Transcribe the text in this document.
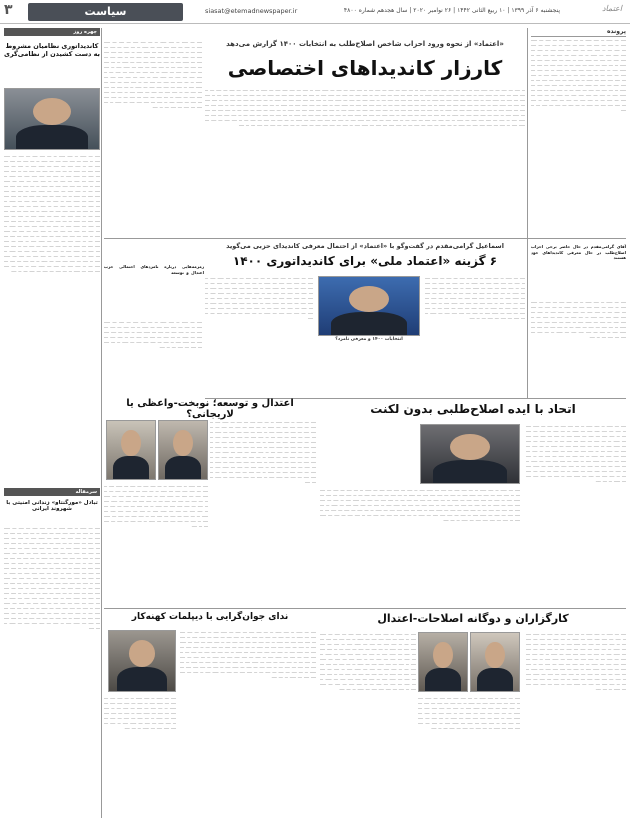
۳	سیاست	siasat@etemadnewspaper.ir	پنجشنبه ۶ آذر ۱۳۹۹ | ۱۰ ربیع الثانی ۱۴۴۲ | ۲۶ نوامبر ۲۰۲۰ | سال هجدهم شماره ۴۸۰۰	اعتماد
پرونده
ـــــ ــــ ــــــ ـــ ـــــ ــــــ ـــ ــــ ـــــ ـــــ ــــ ـــــ ــــ ــــــ ـــــ ـــ ـــــ ــــ ـــــ ـــــ ـــــ ــــ ــــــ ـــ ــــ ـــــ ــــ ـــــ ــــ ـــــ ــــ ـــ ـــــ ـــــ ــــ ـــــ ــــ ــــــ ـــــ ـــ ـــــ ــــ ـــــ ـــــ ـــــ ــــ ــــــ ـــ ــــ ـــــ ــــ ـــــ ــــ ـــــ ــــ ـــ ـــــ ـــــ ــــ ـــــ ــــ ــــــ ـــــ ـــ ـــــ ــــ ـــــ ـــــ ـــــ ــــ ــــــ ـــ ــــ ـــــ ــــ ـــــ ــــ ـــــ ــــ ـــ ـــــ ـــــ ــــ ـــــ ــــ ــــــ ـــــ ـــ ـــــ ــــ ـــــ ـــــ ـــــ ــــ ــــــ ـــ ــــ ـــــ ــــ ـــــ ــــ ـــــ ــــ ـــ ـــــ ـــــ ــــ ـــــ ــــ ــــــ ـــــ ـــ ـــــ ــــ ـــــ ـــــ ـــــ ــــ ــــــ ـــ ــــ ـــــ ــــ ـــــ ــــ ـــــ ــــ ـــ ـــــ ـــــ ــــ ـــــ ــــ ــــــ ـــــ ـــ ـــــ ــــ ـــــ ـــــ ـــــ ــــ ــــــ ـــ ــــ ـــــ ــــ ـــــ ــــ ـــــ ــــ ـــ ـــــ ـــــ ــــ ـــــ ــــ ــــــ ـــــ ـــ ـــــ ــــ ـــــ ـــــ ـــــ ــــ ــــــ ـــ ــــ ـــــ ــــ ـــــ ــــ ـــــ ــــ ـــ ـــــ ـــــ ــــ ـــــ ــــ ــــــ ـــــ ـــ ـــــ ــــ ـــــ ـــــ ـــــ ــــ ــــــ ـــ ــــ ـــــ ــــ ـــــ ــــ ـــــ ــــ ـــ ـــــ
«اعتماد» از نحوه ورود احزاب شاخص اصلاح‌طلب به انتخابات ۱۴۰۰ گزارش می‌دهد
کارزار کاندیداهای اختصاصی
ـــ ـــــ ــــ ـــــ ــــ ــــ ــــــ ـــــ ـــ ـــــ ــــ ـــــ ـــــ ـــــ ــــ ــــــ ـــ ــــ ـــــ ــــ ـــــ ــــ ـــــ ــــ ـــ ـــــ ـــــ ــــ ـــــ ــــ ــــــ ـــــ ـــ ـــــ ــــ ـــــ ـــــ ـــــ ــــ ــــــ ـــ ــــ ـــــ ــــ ـــــ ــــ ـــــ ــــ ـــ ـــــ ـــــ ــــ ـــــ ــــ ــــــ ـــــ ـــ ـــــ ــــ ـــــ ـــــ ـــــ ــــ ــــــ ـــ ــــ ـــــ ــــ ـــــ ــــ ـــــ ــــ ـــ ـــــ ـــــ ــــ ـــــ ــــ ــــــ ـــــ ـــ ـــــ ــــ ـــــ ـــــ ـــــ ــــ ــــــ ـــ ــــ ـــــ ــــ ـــــ ــــ ـــــ ــــ ـــ ـــــ ـــــ ــــ ـــــ ــــ ــــــ ـــــ ـــ ـــــ ــــ ـــــ ـــــ ـــــ ــــ ــــــ ـــ ــــ ـــــ ــــ ـــــ ــــ ـــــ ــــ ـــ ـــــ ـــــ ــــ ـــــ ــــ ــــــ ـــــ ـــ ـــــ ــــ ـــــ ـــــ ـــــ ــــ ــــــ ـــ ــــ ـــــ ــــ ـــــ ــــ ـــــ ــــ ـــ ـــــ ـــــ ــــ ـــــ ــــ ــــــ ـــــ ـــ ـــــ ــــ ـــــ ـــــ ـــــ ــــ ــــــ ـــ ــــ ـــــ ــــ ـــــ ــــ ـــــ ــــ ـــ ـــــ ـــــ ــــ ـــــ ــــ ــــــ ـــــ ـــ ـــــ ــــ ـــــ ـــــ ـــــ ــــ ــــــ ـــ ــــ ـــــ ــــ ـــــ ــــ ـــــ ــــ ـــ ـــــ ـــــ ــــ ـــــ ــــ ــــــ ـــــ ـــ ـــــ ــــ ـــــ ـــــ ـــــ ــــ ــــــ ـــ ــــ ـــــ ــــ ـــــ ــــ ـــــ ــــ ـــ ـــــ ـــــ ــــ ـــــ ــــ ــــــ ـــــ ـــ ـــــ ــــ ـــــ ـــــ ـــــ ــــ ــــــ ـــ ــــ ـــــ ــــ ـــــ ــــ ـــــ ــــ ـــ ـــــ ـــــ ــــ ـــــ ــــ ــــــ ـــــ ـــ ـــــ ــــ ـــــ ـــــ ـــــ ــــ ــــــ ـــ ــــ ـــــ ــــ ـــــ ــــ ـــــ ــــ ـــ ـــــ ـــــ ــــ ـــــ ــــ ــــــ ـــــ ـــ ـــــ ــــ ـــــ ـــــ ـــــ ــــ ــــــ ـــ ــــ ـــــ ــــ ـــــ ــــ ـــــ ــــ ـــ ـــــ ـــــ ــــ ـــــ ــــ ــــــ ـــــ ـــ ـــــ ــــ ـــــ ـــــ ـــــ ــــ ــــــ ـــ ــــ ـــــ ــــ ـــــ ــــ ـــــ ــــ ـــ ـــــ ـــــ ــــ ـــــ ــــ ــــــ ـــــ ـــ ـــــ ــــ ـــــ ـــــ ـــــ ــــ ــــــ ـــ ــــ ـــــ ــــ ـــــ ــــ ـــــ ــــ ـــ ـــــ ـــــ ــــ ـــــ ــــ ــــــ ـــــ ـــ ـــــ ــــ ـــــ ـــــ ـــــ ــــ ــــــ ـــ ــــ ـــــ ــــ ـــــ ــــ ـــــ ــــ ـــ ـــــ ـــــ ــــ ـــــ ــــ ــــــ ـــــ ـــ ـــــ ــــ ـــــ ـــــ ـــــ ــــ ــــــ ـــ ــــ ـــــ ــــ ـــــ ــــ ـــــ ــــ ـــ ـــــ
چهره روز
کاندیداتوری نظامیان مشروط به دست کشیدن از نظامی‌گری
ـــــ ــــ ــــــ ـــ ـــــ ــــــ ـــ ــــ ـــــ ـــــ ــــ ـــــ ــــ ــــــ ـــــ ـــ ـــــ ــــ ـــــ ـــــ ـــــ ــــ ــــــ ـــ ــــ ـــــ ــــ ـــــ ــــ ـــــ ــــ ـــ ـــــ ـــــ ــــ ـــــ ــــ ــــــ ـــــ ـــ ـــــ ــــ ـــــ ـــــ ـــــ ــــ ــــــ ـــ ــــ ـــــ ــــ ـــــ ــــ ـــــ ــــ ـــ ـــــ ـــــ ــــ ـــــ ــــ ــــــ ـــــ ـــ ـــــ ــــ ـــــ ـــــ ـــــ ــــ ــــــ ـــ ــــ ـــــ ــــ ـــــ ــــ ـــــ ــــ ـــ ـــــ ـــــ ــــ ـــــ ــــ ــــــ ـــــ ـــ ـــــ ــــ ـــــ ـــــ ـــــ ــــ ــــــ ـــ ــــ ـــــ ــــ ـــــ ــــ ـــــ ــــ ـــ ـــــ ـــــ ــــ ـــــ ــــ ــــــ ـــــ ـــ ـــــ ــــ ـــــ ـــــ ـــــ ــــ ــــــ ـــ ــــ ـــــ ــــ ـــــ ــــ ـــــ ــــ ـــ ـــــ ـــــ ــــ ـــــ ــــ ــــــ ـــــ ـــ ـــــ ــــ ـــــ ـــــ ـــــ ــــ ــــــ ـــ ــــ ـــــ ــــ ـــــ ــــ ـــــ ــــ ـــ ـــــ ـــــ ــــ ـــــ ــــ ــــــ ـــــ ـــ ـــــ ــــ ـــــ ـــــ ـــــ ــــ ــــــ ـــ ــــ ـــــ ــــ ـــــ ــــ ـــــ ــــ ـــ ـــــ ـــــ ــــ ـــــ ــــ ــــــ ـــــ ـــ ـــــ ــــ ـــــ ـــــ ـــــ ــــ ــــــ ـــ ــــ ـــــ ــــ ـــــ ــــ ـــــ ــــ ـــ ـــــ ـــــ ــــ ـــــ ــــ ــــــ ـــــ ـــ ـــــ ــــ ـــــ ـــــ ـــــ ــــ ــــــ ـــ ــــ ـــــ ــــ ـــــ ــــ ـــــ ــــ ـــ ـــــ ـــــ ــــ ـــــ ــــ ــــــ ـــــ ـــ ـــــ ــــ ـــــ ـــــ ـــــ ــــ ــــــ ـــ ــــ ـــــ ــــ ـــــ ــــ ـــــ ــــ ـــ ـــــ ـــــ ــــ ـــــ ــــ ــــــ ـــــ ـــ ـــــ ــــ ـــــ ـــــ ـــــ ــــ ــــــ ـــ ــــ ـــــ ــــ ـــــ ــــ ـــــ ــــ ـــ ـــــ ـــــ ــــ ـــــ ــــ ــــــ ـــــ ـــ ـــــ ــــ ـــــ ـــــ ـــــ ــــ ــــــ ـــ ــــ ـــــ ــــ ـــــ ــــ ـــــ ــــ ـــ ـــــ ـــــ ــــ ـــــ ــــ ــــــ ـــــ ـــ ـــــ ــــ ـــــ ـــــ ـــــ ــــ ــــــ ـــ ــــ ـــــ ــــ ـــــ ــــ ـــــ ــــ ـــ ـــــ ـــــ ــــ ـــــ ــــ ــــــ ـــــ ـــ ـــــ ــــ ـــــ ـــــ ـــــ ــــ ــــــ ـــ ــــ ـــــ ــــ ـــــ ــــ ـــــ ــــ ـــ ـــــ
ـــــ ــــ ــــــ ـــ ـــــ ــــــ ـــ ــــ ـــــ ـــــ ــــ ـــــ ــــ ــــــ ـــــ ـــ ـــــ ــــ ـــــ ـــــ ـــــ ــــ ــــــ ـــ ــــ ـــــ ــــ ـــــ ــــ ـــــ ــــ ـــ ـــــ ـــــ ــــ ـــــ ــــ ــــــ ـــــ ـــ ـــــ ــــ ـــــ ـــــ ـــــ ــــ ــــــ ـــ ــــ ـــــ ــــ ـــــ ــــ ـــــ ــــ ـــ ـــــ ـــــ ــــ ـــــ ــــ ــــــ ـــــ ـــ ـــــ ــــ ـــــ ـــــ ـــــ ــــ ــــــ ـــ ــــ ـــــ ــــ ـــــ ــــ ـــــ ــــ ـــ ـــــ ـــــ ــــ ـــــ ــــ ــــــ ـــــ ـــ ـــــ ــــ ـــــ ـــــ ـــــ ــــ ــــــ ـــ ــــ ـــــ ــــ ـــــ ــــ ـــــ ــــ ـــ ـــــ ـــــ ــــ ـــــ ــــ ــــــ ـــــ ـــ ـــــ ــــ ـــــ ـــــ ـــــ ــــ ــــــ ـــ ــــ ـــــ ــــ ـــــ ــــ ـــــ ــــ ـــ ـــــ ـــــ ــــ ـــــ ــــ ــــــ ـــــ ـــ ـــــ ــــ ـــــ ـــــ ـــــ ــــ ــــــ ـــ ــــ ـــــ ــــ ـــــ ــــ ـــــ ــــ ـــ ـــــ ـــــ ــــ ـــــ ــــ ــــــ ـــــ ـــ ـــــ ــــ ـــــ ـــــ ـــــ ــــ ــــــ ـــ ــــ ـــــ ــــ ـــــ ــــ ـــــ ــــ ـــ ـــــ ـــــ ــــ ـــــ ــــ ــــــ ـــــ ـــ ـــــ ــــ ـــــ ـــــ ـــــ ــــ ــــــ ـــ ــــ ـــــ ــــ ـــــ ــــ ـــــ ــــ ـــ ـــــ
اسماعیل گرامی‌مقدم در گفت‌وگو با «اعتماد» از احتمال معرفی کاندیدای حزبی می‌گوید
۶ گزینه «اعتماد ملی» برای کاندیداتوری ۱۴۰۰
انتخابات ۱۴۰۰ و معرفی نامزد؟
ـــــ ــــ ــــــ ـــ ـــــ ــــــ ـــ ــــ ـــــ ـــــ ــــ ـــــ ــــ ــــــ ـــــ ـــ ـــــ ــــ ـــــ ـــــ ـــــ ــــ ــــــ ـــ ــــ ـــــ ــــ ـــــ ــــ ـــــ ــــ ـــ ـــــ ـــــ ــــ ـــــ ــــ ــــــ ـــــ ـــ ـــــ ــــ ـــــ ـــــ ـــــ ــــ ــــــ ـــ ــــ ـــــ ــــ ـــــ ــــ ـــــ ــــ ـــ ـــــ ـــــ ــــ ـــــ ــــ ــــــ ـــــ ـــ ـــــ ــــ ـــــ ـــــ ـــــ ــــ ــــــ ـــ ــــ ـــــ ــــ ـــــ ــــ ـــــ ــــ ـــ ـــــ ـــــ ــــ ـــــ ــــ ــــــ ـــــ ـــ ـــــ ــــ ـــــ ـــــ ـــــ ــــ ــــــ ـــ ــــ ـــــ ــــ ـــــ ــــ ـــــ ــــ ـــ ـــــ ـــــ ــــ ـــــ ــــ ــــــ ـــــ ـــ ـــــ ــــ ـــــ ـــــ ـــــ ــــ ــــــ ـــ ــــ ـــــ ــــ ـــــ ــــ ـــــ ــــ ـــ ـــــ
ـــــ ــــ ــــــ ـــ ـــــ ــــــ ـــ ــــ ـــــ ـــــ ــــ ـــــ ــــ ــــــ ـــــ ـــ ـــــ ــــ ـــــ ـــــ ـــــ ــــ ــــــ ـــ ــــ ـــــ ــــ ـــــ ــــ ـــــ ــــ ـــ ـــــ ـــــ ــــ ـــــ ــــ ــــــ ـــــ ـــ ـــــ ــــ ـــــ ـــــ ـــــ ــــ ــــــ ـــ ــــ ـــــ ــــ ـــــ ــــ ـــــ ــــ ـــ ـــــ ـــــ ــــ ـــــ ــــ ــــــ ـــــ ـــ ـــــ ــــ ـــــ ـــــ ـــــ ــــ ــــــ ـــ ــــ ـــــ ــــ ـــــ ــــ ـــــ ــــ ـــ ـــــ ـــــ ــــ ـــــ ــــ ــــــ ـــــ ـــ ـــــ ــــ ـــــ ـــــ ـــــ ــــ ــــــ ـــ ــــ ـــــ ــــ ـــــ ــــ ـــــ ــــ ـــ ـــــ ـــــ ــــ ـــــ ــــ ــــــ ـــــ ـــ ـــــ ــــ ـــــ ـــــ ـــــ ــــ ــــــ ـــ ــــ ـــــ ــــ ـــــ ــــ ـــــ ــــ ـــ ـــــ
آقای گرامی‌مقدم در حال حاضر برخی احزاب اصلاح‌طلب در حال معرفی کاندیداهای خود هستند
ـــــ ــــ ــــــ ـــ ـــــ ــــــ ـــ ــــ ـــــ ـــــ ــــ ـــــ ــــ ــــــ ـــــ ـــ ـــــ ــــ ـــــ ـــــ ـــــ ــــ ــــــ ـــ ــــ ـــــ ــــ ـــــ ــــ ـــــ ــــ ـــ ـــــ ـــــ ــــ ـــــ ــــ ــــــ ـــــ ـــ ـــــ ــــ ـــــ ـــــ ـــــ ــــ ــــــ ـــ ــــ ـــــ ــــ ـــــ ــــ ـــــ ــــ ـــ ـــــ ـــــ ــــ ـــــ ــــ ــــــ ـــــ ـــ ـــــ ــــ ـــــ ـــــ ـــــ ــــ ــــــ ـــ ــــ ـــــ ــــ ـــــ ــــ ـــــ ــــ ـــ ـــــ ـــــ ــــ ـــــ ــــ ــــــ ـــــ ـــ ـــــ ــــ ـــــ ـــــ ـــــ ــــ ــــــ ـــ ــــ ـــــ ــــ ـــــ ــــ ـــــ ــــ ـــ ـــــ
اتحاد با ایده اصلاح‌طلبی بدون لکنت
ـــــ ــــ ــــــ ـــ ـــــ ــــــ ـــ ــــ ـــــ ـــــ ــــ ـــــ ــــ ــــــ ـــــ ـــ ـــــ ــــ ـــــ ـــــ ـــــ ــــ ــــــ ـــ ــــ ـــــ ــــ ـــــ ــــ ـــــ ــــ ـــ ـــــ ـــــ ــــ ـــــ ــــ ــــــ ـــــ ـــ ـــــ ــــ ـــــ ـــــ ـــــ ــــ ــــــ ـــ ــــ ـــــ ــــ ـــــ ــــ ـــــ ــــ ـــ ـــــ ـــــ ــــ ـــــ ــــ ــــــ ـــــ ـــ ـــــ ــــ ـــــ ـــــ ـــــ ــــ ــــــ ـــ ــــ ـــــ ــــ ـــــ ــــ ـــــ ــــ ـــ ـــــ ـــــ ــــ ـــــ ــــ ــــــ ـــــ ـــ ـــــ ــــ ـــــ ـــــ ـــــ ــــ ــــــ ـــ ــــ ـــــ ــــ ـــــ ــــ ـــــ ــــ ـــ ـــــ ـــــ ــــ ـــــ ــــ ــــــ ـــــ ـــ ـــــ ــــ ـــــ ـــــ ـــــ ــــ ــــــ ـــ ــــ ـــــ ــــ ـــــ ــــ ـــــ ــــ ـــ ـــــ ـــــ ــــ ـــــ ــــ ــــــ ـــــ ـــ ـــــ ــــ ـــــ ـــــ ـــــ ــــ ــــــ ـــ ــــ ـــــ ــــ ـــــ ــــ ـــــ ــــ ـــ ـــــ ـــــ ــــ ـــــ ــــ ــــــ ـــــ ـــ ـــــ ــــ ـــــ ـــــ ـــــ ــــ ــــــ ـــ ــــ ـــــ
ـــــ ــــ ــــــ ـــ ـــــ ــــــ ـــ ــــ ـــــ ـــــ ــــ ـــــ ــــ ــــــ ـــــ ـــ ـــــ ــــ ـــــ ـــــ ـــــ ــــ ــــــ ـــ ــــ ـــــ ــــ ـــــ ــــ ـــــ ــــ ـــ ـــــ ـــــ ــــ ـــــ ــــ ــــــ ـــــ ـــ ـــــ ــــ ـــــ ـــــ ـــــ ــــ ــــــ ـــ ــــ ـــــ ــــ ـــــ ــــ ـــــ ــــ ـــ ـــــ ـــــ ــــ ـــــ ــــ ــــــ ـــــ ـــ ـــــ ــــ ـــــ ـــــ ـــــ ــــ ــــــ ـــ ــــ ـــــ ــــ ـــــ ــــ ـــــ ــــ ـــ ـــــ ـــــ ــــ ـــــ ــــ ــــــ ـــــ ـــ ـــــ ــــ ـــــ ـــــ ـــــ ــــ ــــــ ـــ ــــ ـــــ ــــ ـــــ ــــ ـــــ ــــ ـــ ـــــ ـــــ ــــ ـــــ ــــ ــــــ ـــــ ـــ ـــــ ــــ ـــــ ـــــ ـــــ ــــ ــــــ ـــ ــــ ـــــ ــــ ـــــ ــــ ـــــ ــــ ـــ ـــــ ـــــ ــــ ـــــ ــــ ــــــ ـــــ ـــ ـــــ ــــ ـــــ ـــــ ـــــ ــــ ــــــ ـــ ــــ ـــــ ــــ ـــــ ــــ ـــــ ــــ ـــ ـــــ ـــــ ــــ ـــــ ــــ ــــــ ـــــ ـــ ـــــ ــــ ـــــ ـــــ ـــــ ــــ ــــــ ـــ ــــ ـــــ ــــ ـــــ ــــ ـــــ ــــ ـــ ـــــ ـــــ ــــ ـــــ ــــ ــــــ ـــــ ـــ ـــــ ــــ ـــــ ـــــ ـــــ ــــ ــــــ ـــ ــــ ـــــ
زمزمه‌هایی درباره نامزدهای احتمالی حزب اعتدال و توسعه
اعتدال و توسعه؛ نوبخت-واعظی یا لاریجانی؟
ـــــ ــــ ــــــ ـــ ـــــ ــــــ ـــ ــــ ـــــ ـــــ ــــ ـــــ ــــ ــــــ ـــــ ـــ ـــــ ــــ ـــــ ـــــ ـــــ ــــ ــــــ ـــ ــــ ـــــ ــــ ـــــ ــــ ـــــ ــــ ـــ ـــــ ـــــ ــــ ـــــ ــــ ــــــ ـــــ ـــ ـــــ ــــ ـــــ ـــــ ـــــ ــــ ــــــ ـــ ــــ ـــــ ــــ ـــــ ــــ ـــــ ــــ ـــ ـــــ ـــــ ــــ ـــــ ــــ ــــــ ـــــ ـــ ـــــ ــــ ـــــ ـــــ ـــــ ــــ ــــــ ـــ ــــ ـــــ ــــ ـــــ ــــ ـــــ ــــ ـــ ـــــ ـــــ ــــ ـــــ ــــ ــــــ ـــــ ـــ ـــــ ــــ ـــــ ـــــ ـــــ ــــ ــــــ ـــ ــــ ـــــ ــــ ـــــ ــــ ـــــ ــــ ـــ ـــــ ـــــ ــــ ـــــ ــــ ــــــ ـــــ ـــ ـــــ ــــ ـــــ ـــــ ـــــ ــــ ــــــ ـــ ــــ ـــــ ــــ ـــــ ــــ ـــــ ــــ ـــ ـــــ ـــــ ــــ ـــــ ــــ ــــــ ـــــ ـــ ـــــ ــــ ـــــ ـــــ ـــــ ــــ ــــــ ـــ ــــ ـــــ ــــ ـــــ ــــ ـــــ ــــ ـــ ـــــ ـــــ ــــ ـــــ ــــ ــــــ ـــــ ـــ ـــــ ــــ ـــــ ـــــ ـــــ ــــ ــــــ ـــ ــــ ـــــ ــــ ـــــ ــــ ـــــ ــــ ـــ ـــــ ـــــ ــــ ـــــ ــــ ــــــ ـــــ ـــ ـــــ ــــ ـــــ ـــــ ـــــ ــــ ــــــ ـــ ــــ ـــــ
ـــــ ــــ ــــــ ـــ ـــــ ــــــ ـــ ــــ ـــــ ـــــ ــــ ـــــ ــــ ــــــ ـــــ ـــ ـــــ ــــ ـــــ ـــــ ـــــ ــــ ــــــ ـــ ــــ ـــــ ــــ ـــــ ــــ ـــــ ــــ ـــ ـــــ ـــــ ــــ ـــــ ــــ ــــــ ـــــ ـــ ـــــ ــــ ـــــ ـــــ ـــــ ــــ ــــــ ـــ ــــ ـــــ ــــ ـــــ ــــ ـــــ ــــ ـــ ـــــ ـــــ ــــ ـــــ ــــ ــــــ ـــــ ـــ ـــــ ــــ ـــــ ـــــ ـــــ ــــ ــــــ ـــ ــــ ـــــ ــــ ـــــ ــــ ـــــ ــــ ـــ ـــــ ـــــ ــــ ـــــ ــــ ــــــ ـــــ ـــ ـــــ ــــ ـــــ ـــــ ـــــ ــــ ــــــ ـــ ــــ ـــــ ــــ ـــــ ــــ ـــــ ــــ ـــ ـــــ ـــــ ــــ ـــــ ــــ ــــــ ـــــ ـــ ـــــ ــــ ـــــ ـــــ ـــــ ــــ ــــــ ـــ ــــ ـــــ ــــ ـــــ ــــ ـــــ ــــ ـــ ـــــ
ـــــ ــــ ــــــ ـــ ـــــ ــــــ ـــ ــــ ـــــ ـــــ ــــ ـــــ ــــ ــــــ ـــــ ـــ ـــــ ــــ ـــــ ـــــ ـــــ ــــ ــــــ ـــ ــــ ـــــ ــــ ـــــ ــــ ـــــ ــــ ـــ ـــــ ـــــ ــــ ـــــ ــــ ــــــ ـــــ ـــ ـــــ ــــ ـــــ ـــــ ـــــ ــــ ــــــ ـــ ــــ ـــــ ــــ ـــــ ــــ ـــــ ــــ ـــ ـــــ ـــــ ــــ ـــــ ــــ ــــــ ـــــ ـــ ـــــ ــــ ـــــ ـــــ ـــــ ــــ ــــــ ـــ ــــ ـــــ ــــ ـــــ ــــ ـــــ ــــ ـــ ـــــ
کارگزاران و دوگانه اصلاحات-اعتدال
ـــــ ــــ ــــــ ـــ ـــــ ــــــ ـــ ــــ ـــــ ـــــ ــــ ـــــ ــــ ــــــ ـــــ ـــ ـــــ ــــ ـــــ ـــــ ـــــ ــــ ــــــ ـــ ــــ ـــــ ــــ ـــــ ــــ ـــــ ــــ ـــ ـــــ ـــــ ــــ ـــــ ــــ ــــــ ـــــ ـــ ـــــ ــــ ـــــ ـــــ ـــــ ــــ ــــــ ـــ ــــ ـــــ ــــ ـــــ ــــ ـــــ ــــ ـــ ـــــ ـــــ ــــ ـــــ ــــ ــــــ ـــــ ـــ ـــــ ــــ ـــــ ـــــ ـــــ ــــ ــــــ ـــ ــــ ـــــ ــــ ـــــ ــــ ـــــ ــــ ـــ ـــــ ـــــ ــــ ـــــ ــــ ــــــ ـــــ ـــ ـــــ ــــ ـــــ ـــــ ـــــ ــــ ــــــ ـــ ــــ ـــــ ــــ ـــــ ــــ ـــــ ــــ ـــ ـــــ ـــــ ــــ ـــــ ــــ ــــــ ـــــ ـــ ـــــ ــــ ـــــ ـــــ ـــــ ــــ ــــــ ـــ ــــ ـــــ ــــ ـــــ ــــ ـــــ ــــ ـــ ـــــ ـــــ ــــ ـــــ ــــ ــــــ ـــــ ـــ ـــــ ــــ ـــــ ـــــ ـــــ ــــ ــــــ ـــ ــــ ـــــ ــــ ـــــ ــــ ـــــ ــــ ـــ ـــــ ـــــ ــــ ـــــ ــــ ــــــ ـــــ ـــ ـــــ ــــ ـــــ ـــــ ـــــ ــــ ــــــ ـــ ــــ ـــــ
ـــــ ــــ ــــــ ـــ ـــــ ــــــ ـــ ــــ ـــــ ـــــ ــــ ـــــ ــــ ــــــ ـــــ ـــ ـــــ ــــ ـــــ ـــــ ـــــ ــــ ــــــ ـــ ــــ ـــــ ــــ ـــــ ــــ ـــــ ــــ ـــ ـــــ ـــــ ــــ ـــــ ــــ ــــــ ـــــ ـــ ـــــ ــــ ـــــ ـــــ ـــــ ــــ ــــــ ـــ ــــ ـــــ ــــ ـــــ ــــ ـــــ ــــ ـــ ـــــ ـــــ ــــ ـــــ ــــ ــــــ ـــــ ـــ ـــــ ــــ ـــــ ـــــ ـــــ ــــ ــــــ ـــ ــــ ـــــ ــــ ـــــ ــــ ـــــ ــــ ـــ ـــــ ـــــ ــــ ـــــ ــــ ــــــ ـــــ ـــ ـــــ ــــ ـــــ ـــــ ـــــ ــــ ــــــ ـــ ــــ ـــــ ــــ ـــــ ــــ ـــــ ــــ ـــ ـــــ ـــــ ــــ ـــــ ــــ ــــــ ـــــ ـــ ـــــ ــــ ـــــ ـــــ ـــــ ــــ ــــــ ـــ ــــ ـــــ ــــ ـــــ ــــ ـــــ ــــ ـــ ـــــ ـــــ ــــ ـــــ ــــ ــــــ ـــــ ـــ ـــــ ــــ ـــــ ـــــ ـــــ ــــ ــــــ ـــ ــــ ـــــ ــــ ـــــ ــــ ـــــ ــــ ـــ ـــــ ـــــ ــــ ـــــ ــــ ــــــ ـــــ ـــ ـــــ ــــ ـــــ ـــــ ـــــ ــــ ــــــ ـــ ــــ ـــــ
ـــــ ــــ ــــــ ـــ ـــــ ــــــ ـــ ــــ ـــــ ـــــ ــــ ـــــ ــــ ــــــ ـــــ ـــ ـــــ ــــ ـــــ ـــــ ـــــ ــــ ــــــ ـــ ــــ ـــــ ــــ ـــــ ــــ ـــــ ــــ ـــ ـــــ ـــــ ــــ ـــــ ــــ ــــــ ـــــ ـــ ـــــ ــــ ـــــ ـــــ ـــــ ــــ ــــــ ـــ ــــ ـــــ ــــ ـــــ ــــ ـــــ ــــ ـــ ـــــ ـــــ ــــ ـــــ ــــ ــــــ ـــــ ـــ ـــــ ــــ ـــــ ـــــ ـــــ ــــ ــــــ ـــ ــــ ـــــ ــــ ـــــ ــــ ـــــ ــــ ـــ ـــــ ـــــ ــــ ـــــ ــــ ــــــ ـــــ ـــ ـــــ ــــ ـــــ ـــــ ـــــ ــــ ــــــ ـــ ــــ ـــــ ــــ ـــــ ــــ ـــــ ــــ ـــ ـــــ
ندای جوان‌گرایی با دیپلمات کهنه‌کار
ـــــ ــــ ــــــ ـــ ـــــ ــــــ ـــ ــــ ـــــ ـــــ ــــ ـــــ ــــ ــــــ ـــــ ـــ ـــــ ــــ ـــــ ـــــ ـــــ ــــ ــــــ ـــ ــــ ـــــ ــــ ـــــ ــــ ـــــ ــــ ـــ ـــــ ـــــ ــــ ـــــ ــــ ــــــ ـــــ ـــ ـــــ ــــ ـــــ ـــــ ـــــ ــــ ــــــ ـــ ــــ ـــــ ــــ ـــــ ــــ ـــــ ــــ ـــ ـــــ ـــــ ــــ ـــــ ــــ ــــــ ـــــ ـــ ـــــ ــــ ـــــ ـــــ ـــــ ــــ ــــــ ـــ ــــ ـــــ ــــ ـــــ ــــ ـــــ ــــ ـــ ـــــ ـــــ ــــ ـــــ ــــ ــــــ ـــــ ـــ ـــــ ــــ ـــــ ـــــ ـــــ ــــ ــــــ ـــ ــــ ـــــ ــــ ـــــ ــــ ـــــ ــــ ـــ ـــــ ـــــ ــــ ـــــ ــــ ــــــ ـــــ ـــ ـــــ ــــ ـــــ ـــــ ـــــ ــــ ــــــ ـــ ــــ ـــــ ــــ ـــــ ــــ ـــــ ــــ ـــ ـــــ ـــــ ــــ ـــــ ــــ ــــــ ـــــ ـــ ـــــ ــــ ـــــ ـــــ ـــــ ــــ ــــــ ـــ ــــ ـــــ ــــ ـــــ ــــ ـــــ ــــ ـــ ـــــ ـــــ ــــ ـــــ ــــ ــــــ ـــــ ـــ ـــــ ــــ ـــــ ـــــ ـــــ ــــ ــــــ ـــ ــــ ـــــ ــــ ـــــ ــــ ـــــ ــــ ـــ ـــــ ـــــ ــــ ـــــ ــــ ــــــ ـــــ ـــ ـــــ ــــ ـــــ ـــــ ـــــ ــــ ــــــ ـــ ــــ ـــــ
ـــــ ــــ ــــــ ـــ ـــــ ــــــ ـــ ــــ ـــــ ـــــ ــــ ـــــ ــــ ــــــ ـــــ ـــ ـــــ ــــ ـــــ ـــــ ـــــ ــــ ــــــ ـــ ــــ ـــــ ــــ ـــــ ــــ ـــــ ــــ ـــ ـــــ ـــــ ــــ ـــــ ــــ ــــــ ـــــ ـــ ـــــ ــــ ـــــ ـــــ ـــــ ــــ ــــــ ـــ ــــ ـــــ ــــ ـــــ ــــ ـــــ ــــ ـــ ـــــ ـــــ ــــ ـــــ ــــ ــــــ ـــــ ـــ ـــــ ــــ ـــــ ـــــ ـــــ ــــ ــــــ ـــ ــــ ـــــ
سرمقاله
تبادل «مورگنتاو» زندانی امنیتی با شهروند ایرانی
ـــــ ــــ ــــــ ـــ ـــــ ــــــ ـــ ــــ ـــــ ـــــ ــــ ـــــ ــــ ــــــ ـــــ ـــ ـــــ ــــ ـــــ ـــــ ـــــ ــــ ــــــ ـــ ــــ ـــــ ــــ ـــــ ــــ ـــــ ــــ ـــ ـــــ ـــــ ــــ ـــــ ــــ ــــــ ـــــ ـــ ـــــ ــــ ـــــ ـــــ ـــــ ــــ ــــــ ـــ ــــ ـــــ ــــ ـــــ ــــ ـــــ ــــ ـــ ـــــ ـــــ ــــ ـــــ ــــ ــــــ ـــــ ـــ ـــــ ــــ ـــــ ـــــ ـــــ ــــ ــــــ ـــ ــــ ـــــ ــــ ـــــ ــــ ـــــ ــــ ـــ ـــــ ـــــ ــــ ـــــ ــــ ــــــ ـــــ ـــ ـــــ ــــ ـــــ ـــــ ـــــ ــــ ــــــ ـــ ــــ ـــــ ــــ ـــــ ــــ ـــــ ــــ ـــ ـــــ ـــــ ــــ ـــــ ــــ ــــــ ـــــ ـــ ـــــ ــــ ـــــ ـــــ ـــــ ــــ ــــــ ـــ ــــ ـــــ ــــ ـــــ ــــ ـــــ ــــ ـــ ـــــ ـــــ ــــ ـــــ ــــ ــــــ ـــــ ـــ ـــــ ــــ ـــــ ـــــ ـــــ ــــ ــــــ ـــ ــــ ـــــ ــــ ـــــ ــــ ـــــ ــــ ـــ ـــــ ـــــ ــــ ـــــ ــــ ــــــ ـــــ ـــ ـــــ ــــ ـــــ ـــــ ـــــ ــــ ــــــ ـــ ــــ ـــــ ــــ ـــــ ــــ ـــــ ــــ ـــ ـــــ ـــــ ــــ ـــــ ــــ ــــــ ـــــ ـــ ـــــ ــــ ـــــ ـــــ ـــــ ــــ ــــــ ـــ ــــ ـــــ ــــ ـــــ ــــ ـــــ ــــ ـــ ـــــ ـــــ ــــ ـــــ ــــ ــــــ ـــــ ـــ ـــــ ــــ ـــــ ـــــ ـــــ ــــ ــــــ ـــ ــــ ـــــ ــــ ـــــ ــــ ـــــ ــــ ـــ ـــــ ـــــ ــــ ـــــ ــــ ــــــ ـــــ ـــ ـــــ ــــ ـــــ ـــــ ـــــ ــــ ــــــ ـــ ــــ ـــــ ــــ ـــــ ــــ ـــــ ــــ ـــ ـــــ ـــــ ــــ ـــــ ــــ ــــــ ـــــ ـــ ـــــ ــــ ـــــ ـــــ ـــــ ــــ ــــــ ـــ ــــ ـــــ ــــ ـــــ ــــ ـــــ ــــ ـــ ـــــ ـــــ ــــ ـــــ ــــ ــــــ ـــــ ـــ ـــــ ــــ ـــــ ـــــ ـــــ ــــ ــــــ ـــ ــــ ـــــ
